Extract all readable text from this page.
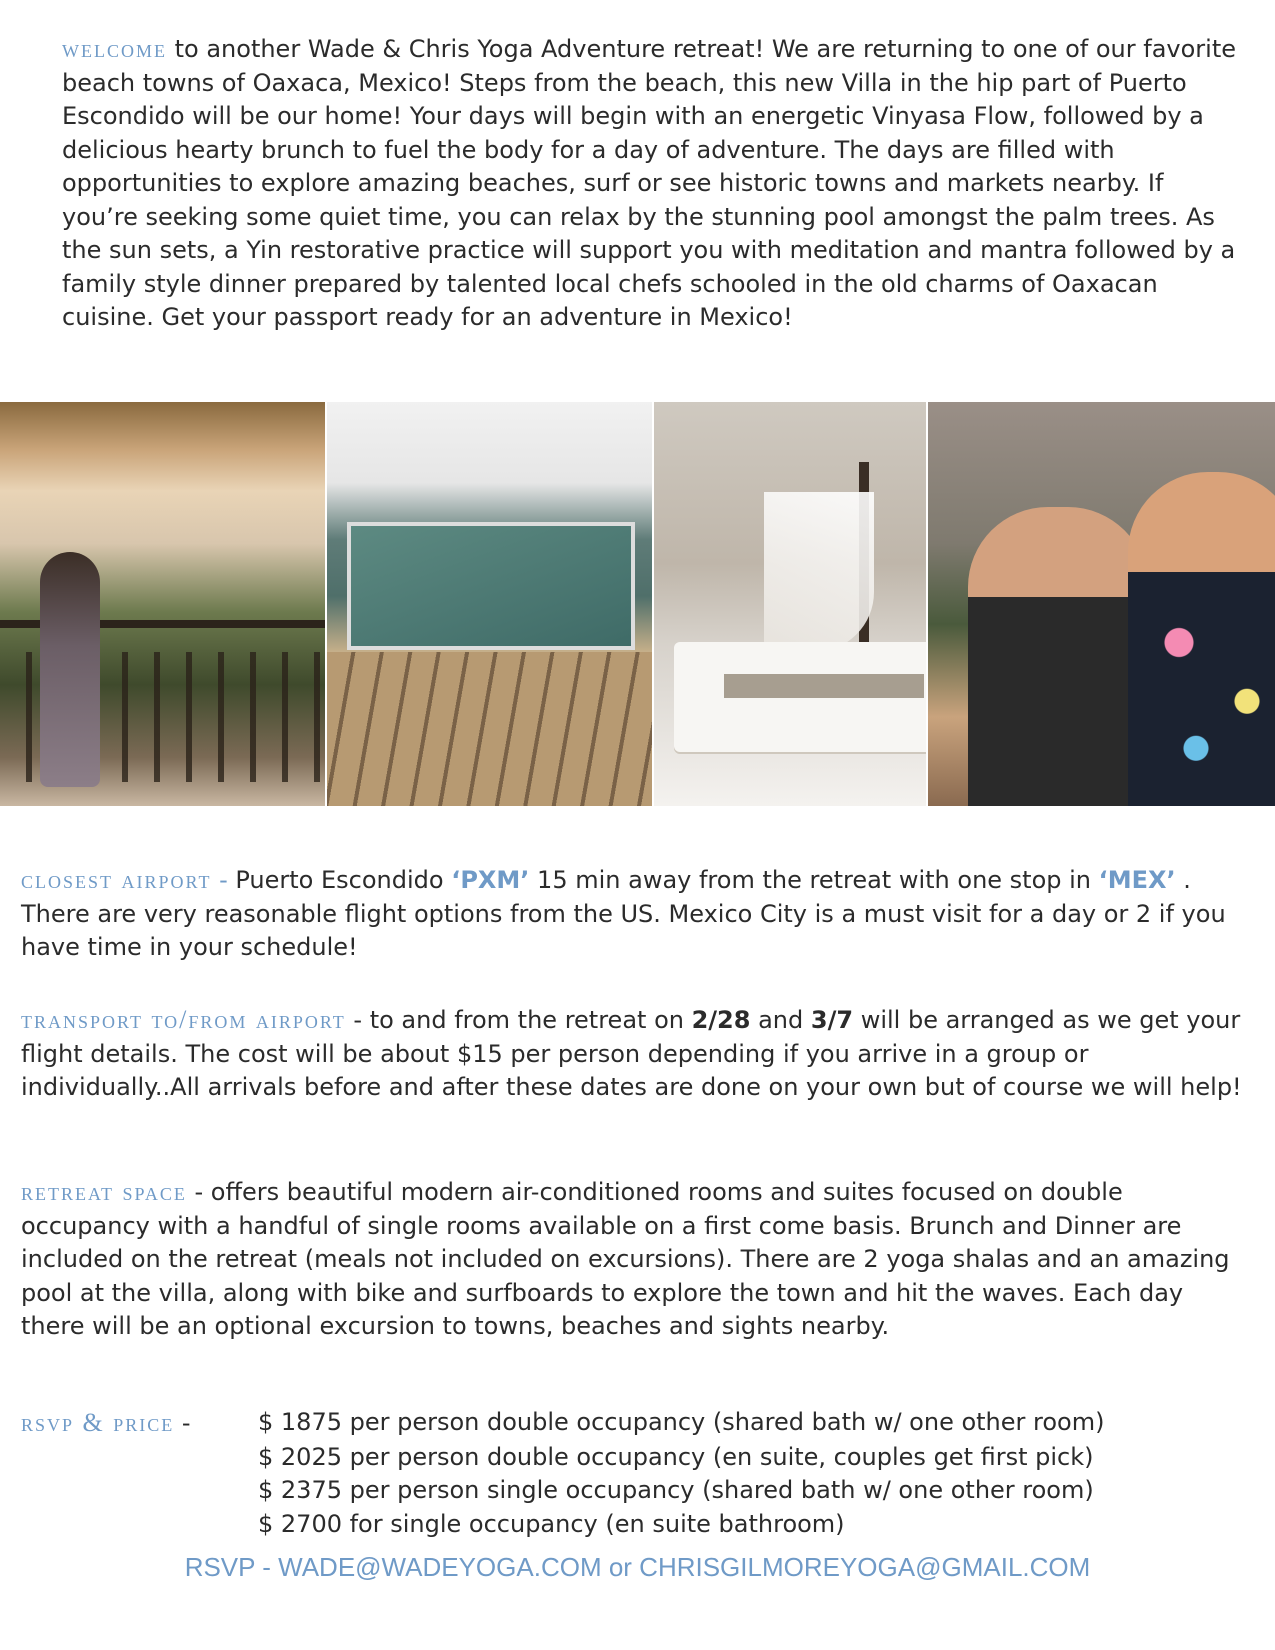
welcome to another Wade & Chris Yoga Adventure retreat! We are returning to one of our favorite beach towns of Oaxaca, Mexico! Steps from the beach, this new Villa in the hip part of Puerto Escondido will be our home! Your days will begin with an energetic Vinyasa Flow, followed by a delicious hearty brunch to fuel the body for a day of adventure. The days are filled with opportunities to explore amazing beaches, surf or see historic towns and markets nearby. If you’re seeking some quiet time, you can relax by the stunning pool amongst the palm trees. As the sun sets, a Yin restorative practice will support you with meditation and mantra followed by a family style dinner prepared by talented local chefs schooled in the old charms of Oaxacan cuisine. Get your passport ready for an adventure in Mexico!
closest airport - Puerto Escondido ‘PXM’ 15 min away from the retreat with one stop in ‘MEX’ . There are very reasonable flight options from the US. Mexico City is a must visit for a day or 2 if you have time in your schedule!
transport to/from airport - to and from the retreat on 2/28 and 3/7 will be arranged as we get your flight details. The cost will be about $15 per person depending if you arrive in a group or individually..All arrivals before and after these dates are done on your own but of course we will help!
retreat space - offers beautiful modern air-conditioned rooms and suites focused on double occupancy with a handful of single rooms available on a first come basis. Brunch and Dinner are included on the retreat (meals not included on excursions). There are 2 yoga shalas and an amazing pool at the villa, along with bike and surfboards to explore the town and hit the waves. Each day there will be an optional excursion to towns, beaches and sights nearby.
rsvp & price -	$ 1875 per person double occupancy (shared bath w/ one other room)
$ 2025 per person double occupancy (en suite, couples get first pick)
$ 2375 per person single occupancy (shared bath w/ one other room)
$ 2700 for single occupancy (en suite bathroom)
RSVP - WADE@WADEYOGA.COM or CHRISGILMOREYOGA@GMAIL.COM
